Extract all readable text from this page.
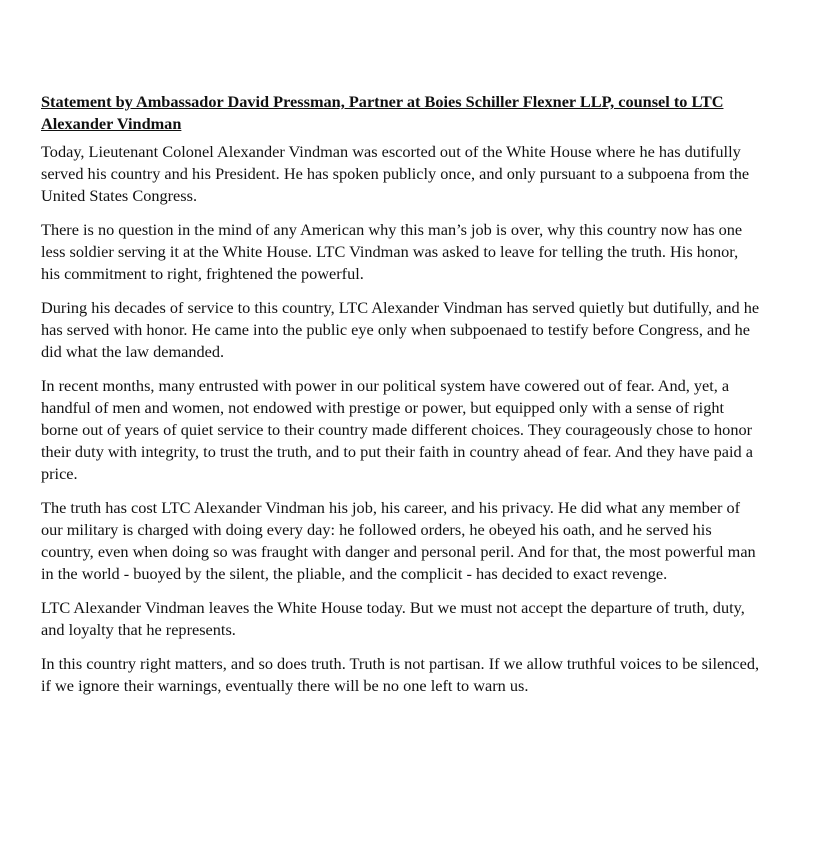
Statement by Ambassador David Pressman, Partner at Boies Schiller Flexner LLP, counsel to LTC Alexander Vindman

Today, Lieutenant Colonel Alexander Vindman was escorted out of the White House where he has dutifully served his country and his President. He has spoken publicly once, and only pursuant to a subpoena from the United States Congress.

There is no question in the mind of any American why this man’s job is over, why this country now has one less soldier serving it at the White House. LTC Vindman was asked to leave for telling the truth. His honor, his commitment to right, frightened the powerful.

During his decades of service to this country, LTC Alexander Vindman has served quietly but dutifully, and he has served with honor. He came into the public eye only when subpoenaed to testify before Congress, and he did what the law demanded.

In recent months, many entrusted with power in our political system have cowered out of fear. And, yet, a handful of men and women, not endowed with prestige or power, but equipped only with a sense of right borne out of years of quiet service to their country made different choices. They courageously chose to honor their duty with integrity, to trust the truth, and to put their faith in country ahead of fear. And they have paid a price.

The truth has cost LTC Alexander Vindman his job, his career, and his privacy. He did what any member of our military is charged with doing every day: he followed orders, he obeyed his oath, and he served his country, even when doing so was fraught with danger and personal peril. And for that, the most powerful man in the world - buoyed by the silent, the pliable, and the complicit - has decided to exact revenge.

LTC Alexander Vindman leaves the White House today. But we must not accept the departure of truth, duty, and loyalty that he represents.

In this country right matters, and so does truth. Truth is not partisan. If we allow truthful voices to be silenced, if we ignore their warnings, eventually there will be no one left to warn us.
